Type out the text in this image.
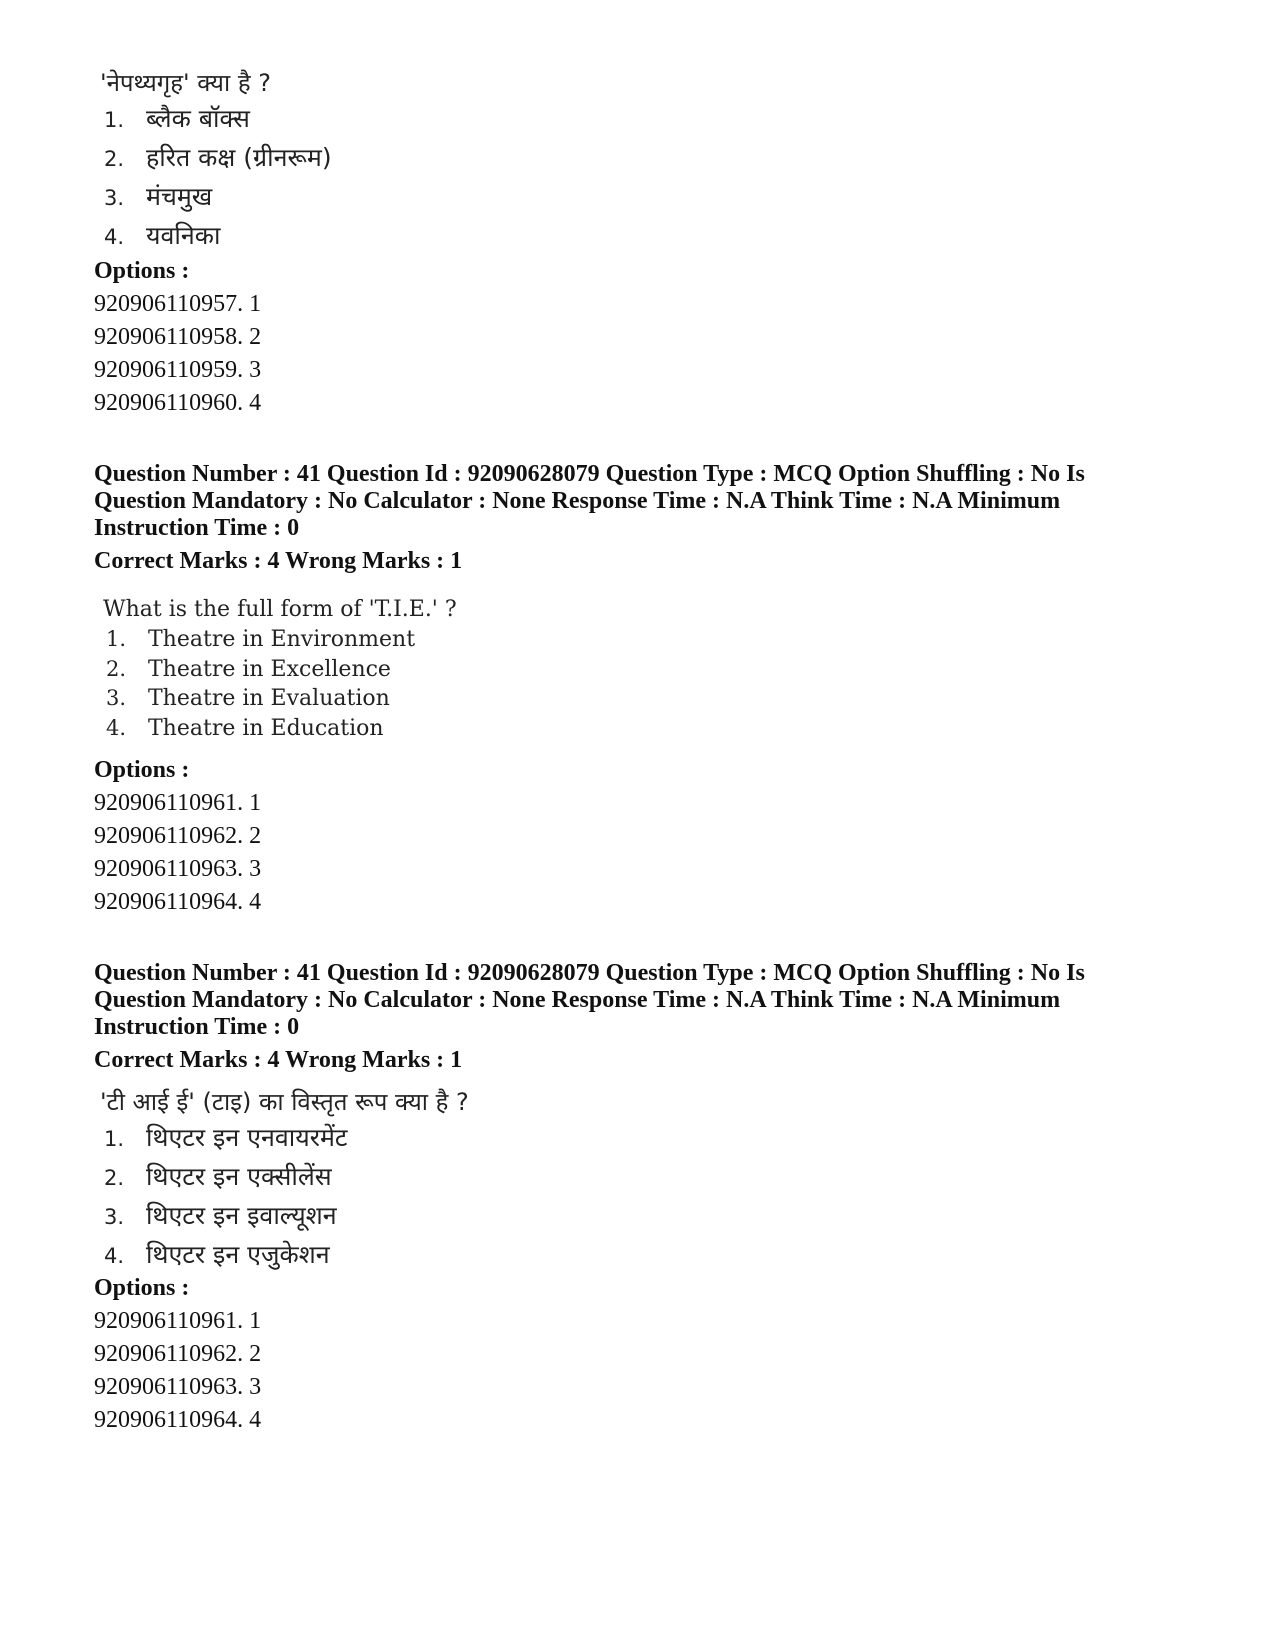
'नेपथ्यगृह' क्या है ?
1. ब्लैक बॉक्स
2. हरित कक्ष (ग्रीनरूम)
3. मंचमुख
4. यवनिका
Options :
920906110957. 1
920906110958. 2
920906110959. 3
920906110960. 4
Question Number : 41 Question Id : 92090628079 Question Type : MCQ Option Shuffling : No Is
Question Mandatory : No Calculator : None Response Time : N.A Think Time : N.A Minimum
Instruction Time : 0
Correct Marks : 4 Wrong Marks : 1
What is the full form of 'T.I.E.' ?
1. Theatre in Environment
2. Theatre in Excellence
3. Theatre in Evaluation
4. Theatre in Education
Options :
920906110961. 1
920906110962. 2
920906110963. 3
920906110964. 4
Question Number : 41 Question Id : 92090628079 Question Type : MCQ Option Shuffling : No Is
Question Mandatory : No Calculator : None Response Time : N.A Think Time : N.A Minimum
Instruction Time : 0
Correct Marks : 4 Wrong Marks : 1
'टी आई ई' (टाइ) का विस्तृत रूप क्या है ?
1. थिएटर इन एनवायरमेंट
2. थिएटर इन एक्सीलेंस
3. थिएटर इन इवाल्यूशन
4. थिएटर इन एजुकेशन
Options :
920906110961. 1
920906110962. 2
920906110963. 3
920906110964. 4
